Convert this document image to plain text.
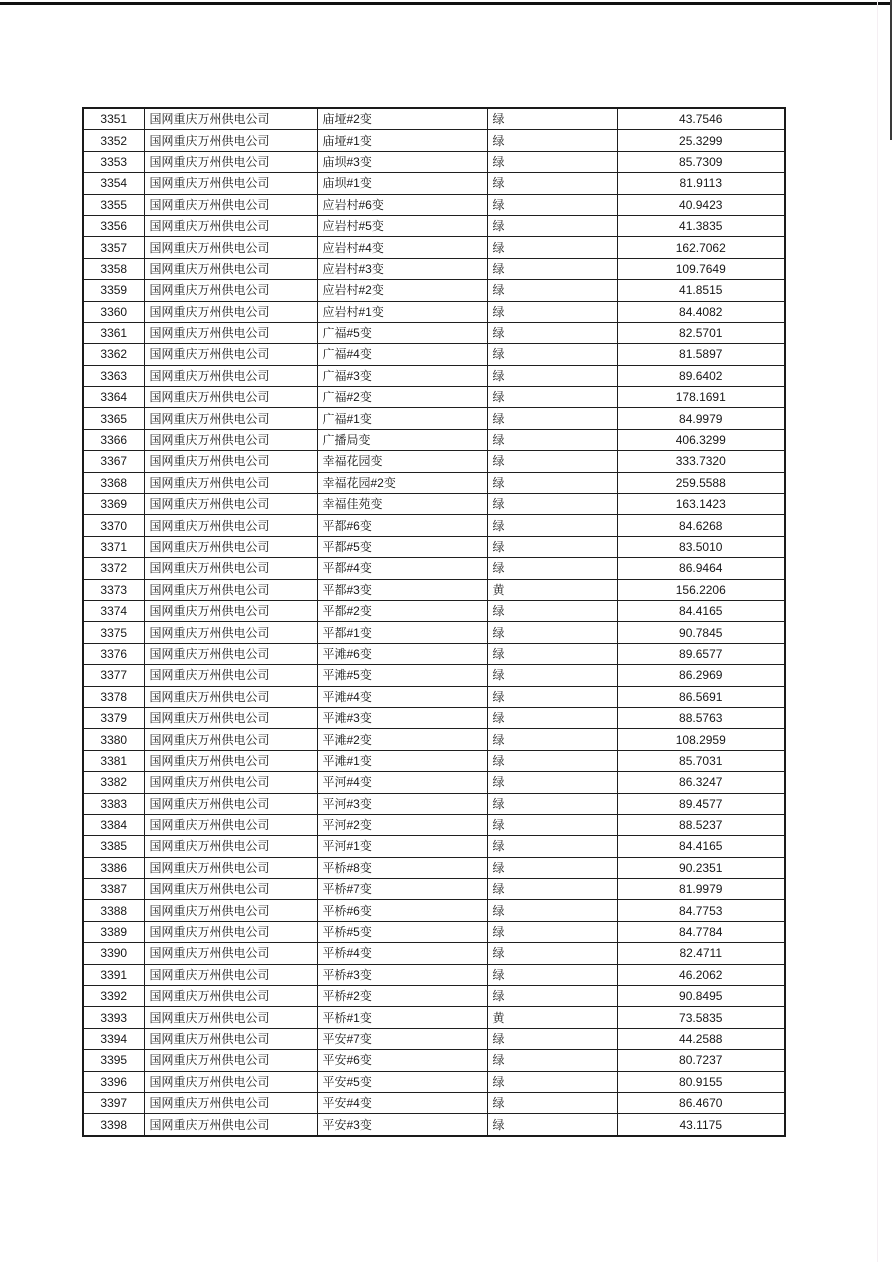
3351	国网重庆万州供电公司	庙垭#2变	绿	43.7546
3352	国网重庆万州供电公司	庙垭#1变	绿	25.3299
3353	国网重庆万州供电公司	庙坝#3变	绿	85.7309
3354	国网重庆万州供电公司	庙坝#1变	绿	81.9113
3355	国网重庆万州供电公司	应岩村#6变	绿	40.9423
3356	国网重庆万州供电公司	应岩村#5变	绿	41.3835
3357	国网重庆万州供电公司	应岩村#4变	绿	162.7062
3358	国网重庆万州供电公司	应岩村#3变	绿	109.7649
3359	国网重庆万州供电公司	应岩村#2变	绿	41.8515
3360	国网重庆万州供电公司	应岩村#1变	绿	84.4082
3361	国网重庆万州供电公司	广福#5变	绿	82.5701
3362	国网重庆万州供电公司	广福#4变	绿	81.5897
3363	国网重庆万州供电公司	广福#3变	绿	89.6402
3364	国网重庆万州供电公司	广福#2变	绿	178.1691
3365	国网重庆万州供电公司	广福#1变	绿	84.9979
3366	国网重庆万州供电公司	广播局变	绿	406.3299
3367	国网重庆万州供电公司	幸福花园变	绿	333.7320
3368	国网重庆万州供电公司	幸福花园#2变	绿	259.5588
3369	国网重庆万州供电公司	幸福佳苑变	绿	163.1423
3370	国网重庆万州供电公司	平都#6变	绿	84.6268
3371	国网重庆万州供电公司	平都#5变	绿	83.5010
3372	国网重庆万州供电公司	平都#4变	绿	86.9464
3373	国网重庆万州供电公司	平都#3变	黄	156.2206
3374	国网重庆万州供电公司	平都#2变	绿	84.4165
3375	国网重庆万州供电公司	平都#1变	绿	90.7845
3376	国网重庆万州供电公司	平滩#6变	绿	89.6577
3377	国网重庆万州供电公司	平滩#5变	绿	86.2969
3378	国网重庆万州供电公司	平滩#4变	绿	86.5691
3379	国网重庆万州供电公司	平滩#3变	绿	88.5763
3380	国网重庆万州供电公司	平滩#2变	绿	108.2959
3381	国网重庆万州供电公司	平滩#1变	绿	85.7031
3382	国网重庆万州供电公司	平河#4变	绿	86.3247
3383	国网重庆万州供电公司	平河#3变	绿	89.4577
3384	国网重庆万州供电公司	平河#2变	绿	88.5237
3385	国网重庆万州供电公司	平河#1变	绿	84.4165
3386	国网重庆万州供电公司	平桥#8变	绿	90.2351
3387	国网重庆万州供电公司	平桥#7变	绿	81.9979
3388	国网重庆万州供电公司	平桥#6变	绿	84.7753
3389	国网重庆万州供电公司	平桥#5变	绿	84.7784
3390	国网重庆万州供电公司	平桥#4变	绿	82.4711
3391	国网重庆万州供电公司	平桥#3变	绿	46.2062
3392	国网重庆万州供电公司	平桥#2变	绿	90.8495
3393	国网重庆万州供电公司	平桥#1变	黄	73.5835
3394	国网重庆万州供电公司	平安#7变	绿	44.2588
3395	国网重庆万州供电公司	平安#6变	绿	80.7237
3396	国网重庆万州供电公司	平安#5变	绿	80.9155
3397	国网重庆万州供电公司	平安#4变	绿	86.4670
3398	国网重庆万州供电公司	平安#3变	绿	43.1175
